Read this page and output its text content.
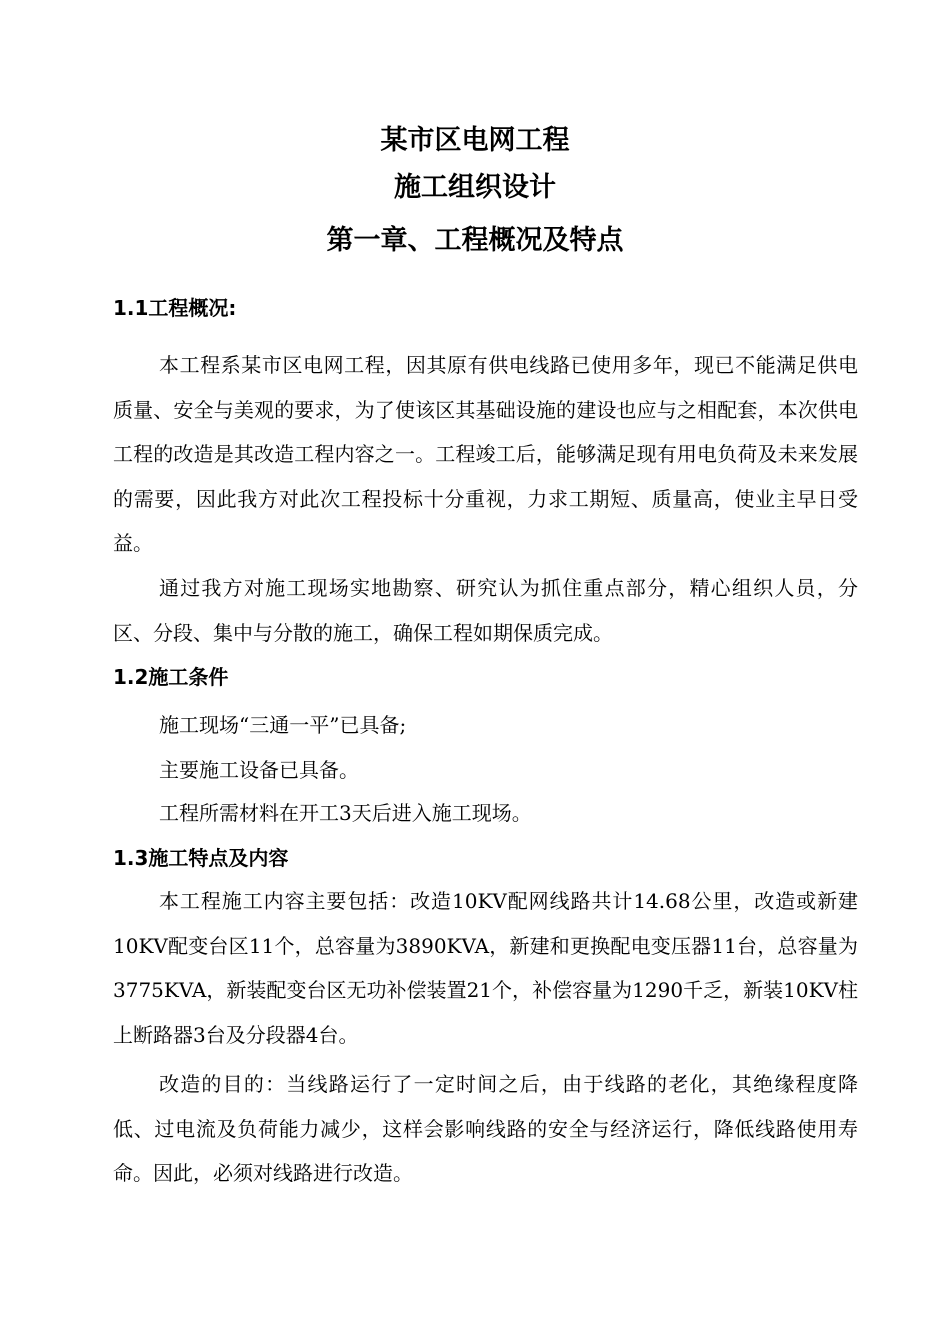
某市区电网工程
施工组织设计
第一章、工程概况及特点
1.1工程概况:
本工程系某市区电网工程，因其原有供电线路已使用多年，现已不能满足供电质量、安全与美观的要求，为了使该区其基础设施的建设也应与之相配套，本次供电工程的改造是其改造工程内容之一。工程竣工后，能够满足现有用电负荷及未来发展的需要，因此我方对此次工程投标十分重视，力求工期短、质量高，使业主早日受益。
通过我方对施工现场实地勘察、研究认为抓住重点部分，精心组织人员，分区、分段、集中与分散的施工，确保工程如期保质完成。
1.2施工条件
施工现场“三通一平”已具备;
主要施工设备已具备。
工程所需材料在开工3天后进入施工现场。
1.3施工特点及内容
本工程施工内容主要包括：改造10KV配网线路共计14.68公里，改造或新建10KV配变台区11个，总容量为3890KVA，新建和更换配电变压器11台，总容量为3775KVA，新装配变台区无功补偿装置21个，补偿容量为1290千乏，新装10KV柱上断路器3台及分段器4台。
改造的目的：当线路运行了一定时间之后，由于线路的老化，其绝缘程度降低、过电流及负荷能力减少，这样会影响线路的安全与经济运行，降低线路使用寿命。因此，必须对线路进行改造。
